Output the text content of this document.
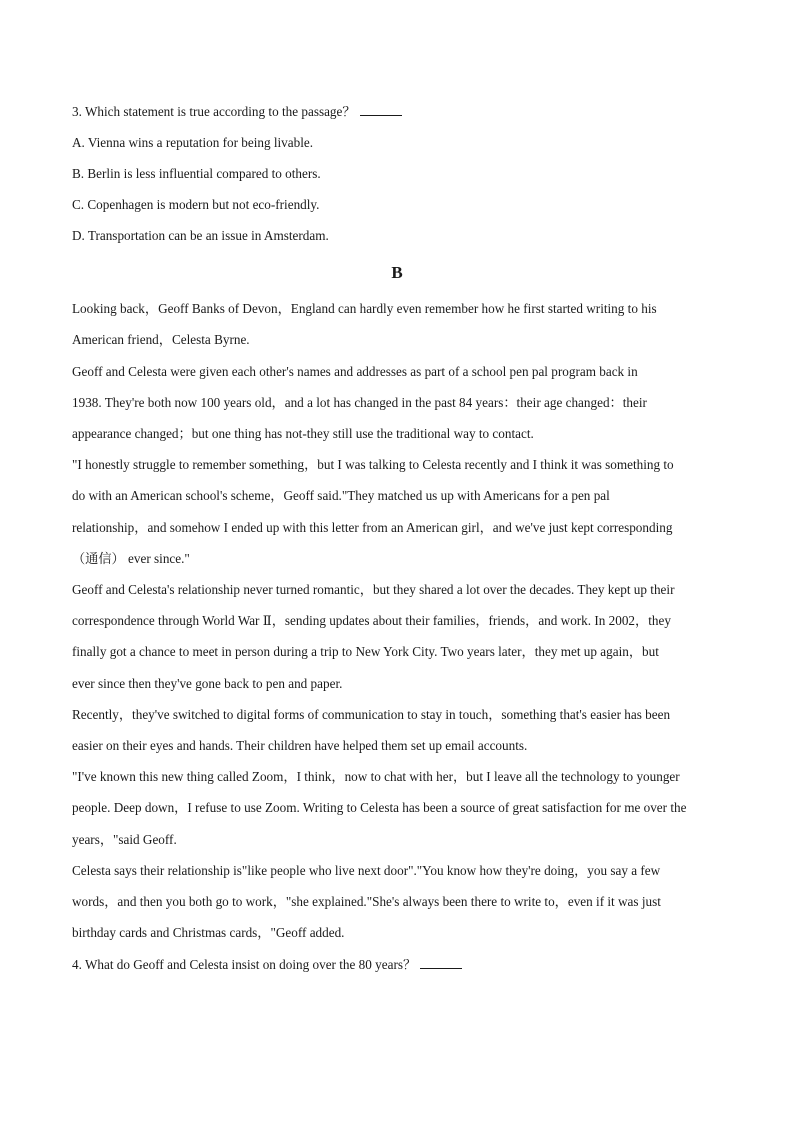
3. Which statement is true according to the passage？
A. Vienna wins a reputation for being livable.
B. Berlin is less influential compared to others.
C. Copenhagen is modern but not eco-friendly.
D. Transportation can be an issue in Amsterdam.
B
Looking back，Geoff Banks of Devon，England can hardly even remember how he first started writing to his
American friend，Celesta Byrne.
Geoff and Celesta were given each other's names and addresses as part of a school pen pal program back in
1938. They're both now 100 years old，and a lot has changed in the past 84 years：their age changed：their
appearance changed；but one thing has not-they still use the traditional way to contact.
"I honestly struggle to remember something，but I was talking to Celesta recently and I think it was something to
do with an American school's scheme，Geoff said."They matched us up with Americans for a pen pal
relationship，and somehow I ended up with this letter from an American girl，and we've just kept corresponding
（通信） ever since."
Geoff and Celesta's relationship never turned romantic，but they shared a lot over the decades. They kept up their
correspondence through World War Ⅱ，sending updates about their families，friends，and work. In 2002，they
finally got a chance to meet in person during a trip to New York City. Two years later，they met up again，but
ever since then they've gone back to pen and paper.
Recently，they've switched to digital forms of communication to stay in touch，something that's easier has been
easier on their eyes and hands. Their children have helped them set up email accounts.
"I've known this new thing called Zoom，I think，now to chat with her，but I leave all the technology to younger
people. Deep down，I refuse to use Zoom. Writing to Celesta has been a source of great satisfaction for me over the
years，"said Geoff.
Celesta says their relationship is"like people who live next door"."You know how they're doing，you say a few
words，and then you both go to work，"she explained."She's always been there to write to，even if it was just
birthday cards and Christmas cards，"Geoff added.
4. What do Geoff and Celesta insist on doing over the 80 years？
